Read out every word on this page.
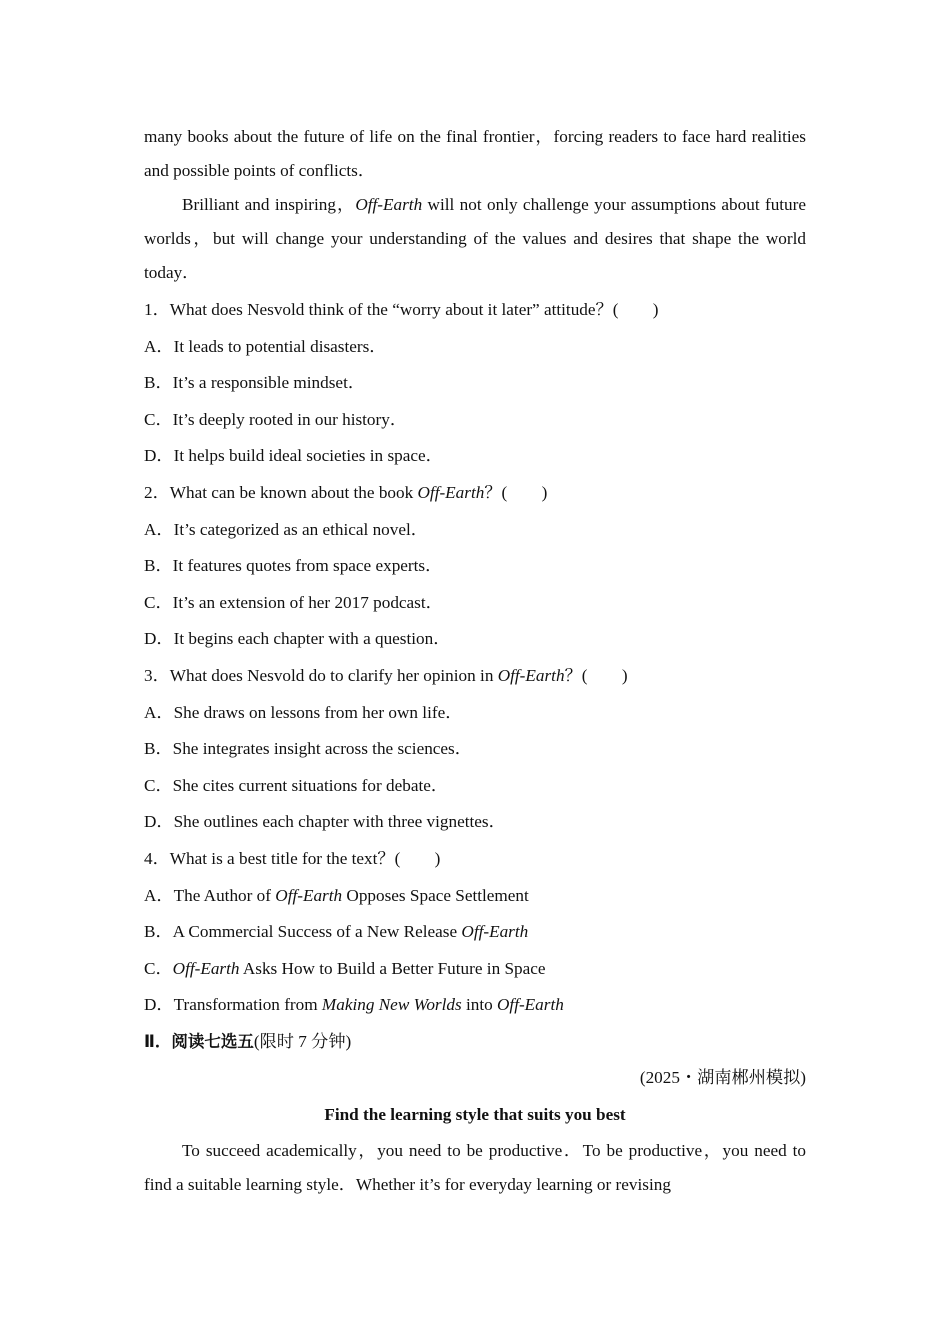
many books about the future of life on the final frontier，forcing readers to face hard realities and possible points of conflicts．

Brilliant and inspiring，Off-Earth will not only challenge your assumptions about future worlds，but will change your understanding of the values and desires that shape the world today．

1．What does Nesvold think of the “worry about it later” attitude？(　　)

A．It leads to potential disasters．

B．It’s a responsible mindset．

C．It’s deeply rooted in our history．

D．It helps build ideal societies in space．

2．What can be known about the book Off-Earth？(　　)

A．It’s categorized as an ethical novel．

B．It features quotes from space experts．

C．It’s an extension of her 2017 podcast．

D．It begins each chapter with a question．

3．What does Nesvold do to clarify her opinion in Off-Earth？(　　)

A．She draws on lessons from her own life．

B．She integrates insight across the sciences．

C．She cites current situations for debate．

D．She outlines each chapter with three vignettes．

4．What is a best title for the text？(　　)

A．The Author of Off-Earth Opposes Space Settlement

B．A Commercial Success of a New Release Off-Earth

C．Off-Earth Asks How to Build a Better Future in Space

D．Transformation from Making New Worlds into Off-Earth

Ⅱ．阅读七选五(限时 7 分钟)

(2025・湖南郴州模拟)

Find the learning style that suits you best

To succeed academically，you need to be productive．To be productive，you need to find a suitable learning style．Whether it’s for everyday learning or revising
